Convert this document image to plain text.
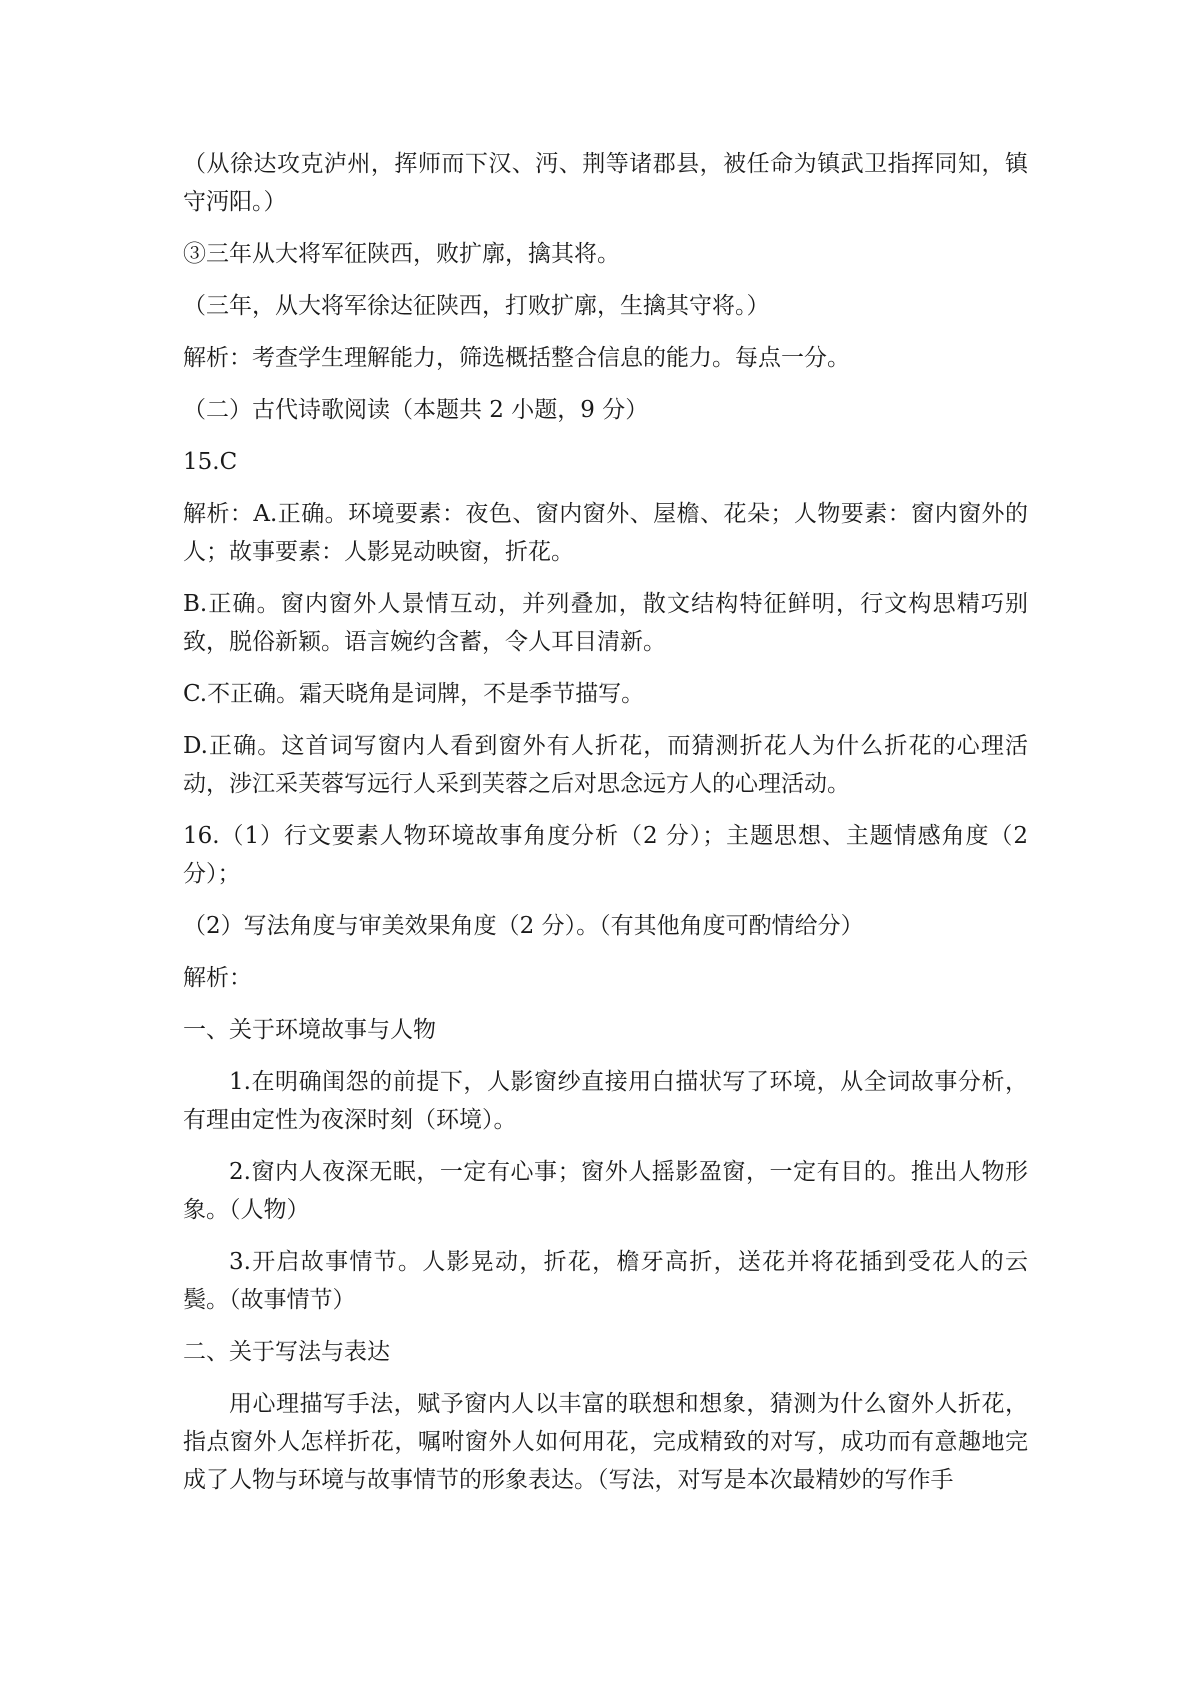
（从徐达攻克泸州，挥师而下汉、沔、荆等诸郡县，被任命为镇武卫指挥同知，镇守沔阳。）

③三年从大将军征陕西，败扩廓，擒其将。

（三年，从大将军徐达征陕西，打败扩廓，生擒其守将。）

解析：考查学生理解能力，筛选概括整合信息的能力。每点一分。

（二）古代诗歌阅读（本题共 2 小题，9 分）

15.C

解析：A.正确。环境要素：夜色、窗内窗外、屋檐、花朵；人物要素：窗内窗外的人；故事要素：人影晃动映窗，折花。

B.正确。窗内窗外人景情互动，并列叠加，散文结构特征鲜明，行文构思精巧别致，脱俗新颖。语言婉约含蓄，令人耳目清新。

C.不正确。霜天晓角是词牌，不是季节描写。

D.正确。这首词写窗内人看到窗外有人折花，而猜测折花人为什么折花的心理活动，涉江采芙蓉写远行人采到芙蓉之后对思念远方人的心理活动。

16.（1）行文要素人物环境故事角度分析（2 分）；主题思想、主题情感角度（2 分）；

（2）写法角度与审美效果角度（2 分）。（有其他角度可酌情给分）

解析：

一、关于环境故事与人物

1.在明确闺怨的前提下，人影窗纱直接用白描状写了环境，从全词故事分析，有理由定性为夜深时刻（环境）。

2.窗内人夜深无眠，一定有心事；窗外人摇影盈窗，一定有目的。推出人物形象。（人物）

3.开启故事情节。人影晃动，折花，檐牙高折，送花并将花插到受花人的云鬓。（故事情节）

二、关于写法与表达

用心理描写手法，赋予窗内人以丰富的联想和想象，猜测为什么窗外人折花，指点窗外人怎样折花，嘱咐窗外人如何用花，完成精致的对写，成功而有意趣地完成了人物与环境与故事情节的形象表达。（写法，对写是本次最精妙的写作手
